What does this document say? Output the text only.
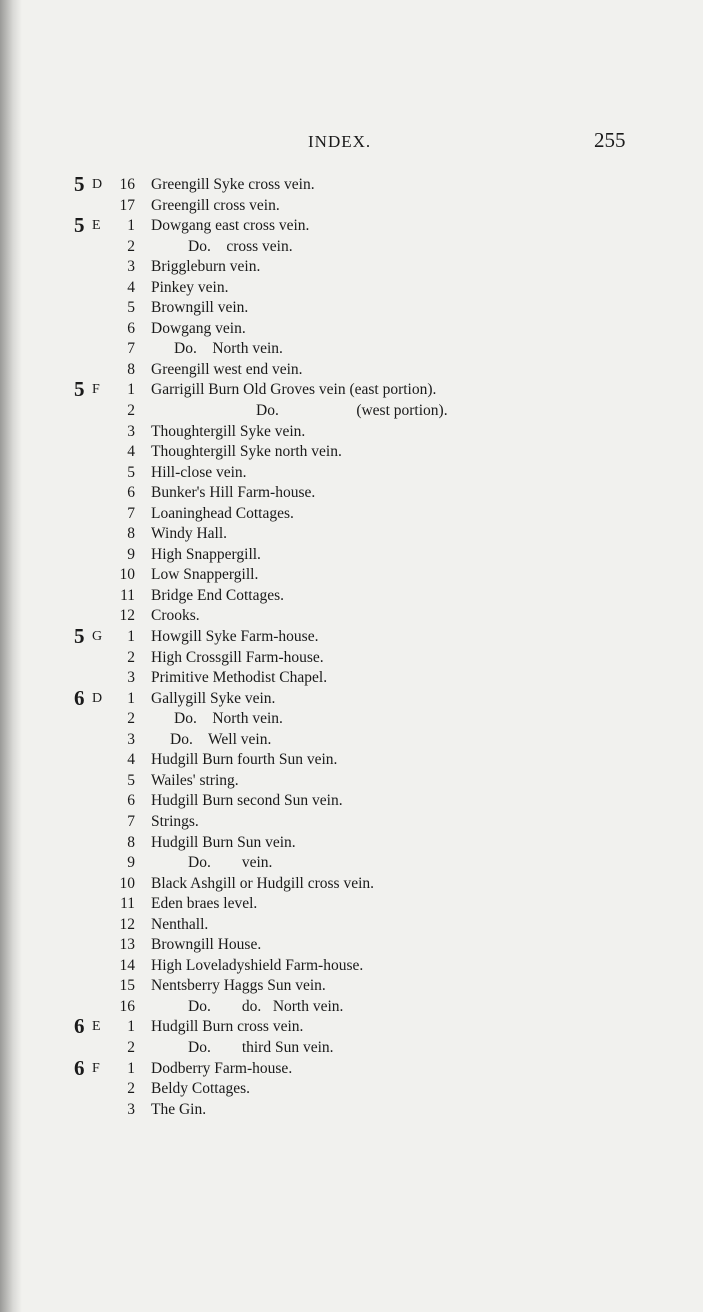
INDEX.	255
5 D 16 Greengill Syke cross vein.
17 Greengill cross vein.
5 E 1 Dowgang east cross vein.
2	Do.    cross vein.
3 Briggleburn vein.
4 Pinkey vein.
5 Browngill vein.
6 Dowgang vein.
7	Do.    North vein.
8 Greengill west end vein.
5 F 1 Garrigill Burn Old Groves vein (east portion).
2	Do.                    (west portion).
3 Thoughtergill Syke vein.
4 Thoughtergill Syke north vein.
5 Hill-close vein.
6 Bunker's Hill Farm-house.
7 Loaninghead Cottages.
8 Windy Hall.
9 High Snappergill.
10 Low Snappergill.
11 Bridge End Cottages.
12 Crooks.
5 G 1 Howgill Syke Farm-house.
2 High Crossgill Farm-house.
3 Primitive Methodist Chapel.
6 D 1 Gallygill Syke vein.
2	Do.    North vein.
3 Do.    Well vein.
4 Hudgill Burn fourth Sun vein.
5 Wailes' string.
6 Hudgill Burn second Sun vein.
7 Strings.
8 Hudgill Burn Sun vein.
9	Do.        vein.
10 Black Ashgill or Hudgill cross vein.
11 Eden braes level.
12 Nenthall.
13 Browngill House.
14 High Loveladyshield Farm-house.
15 Nentsberry Haggs Sun vein.
16	Do.        do.   North vein.
6 E 1 Hudgill Burn cross vein.
2	Do.        third Sun vein.
6 F 1 Dodberry Farm-house.
2 Beldy Cottages.
3 The Gin.
